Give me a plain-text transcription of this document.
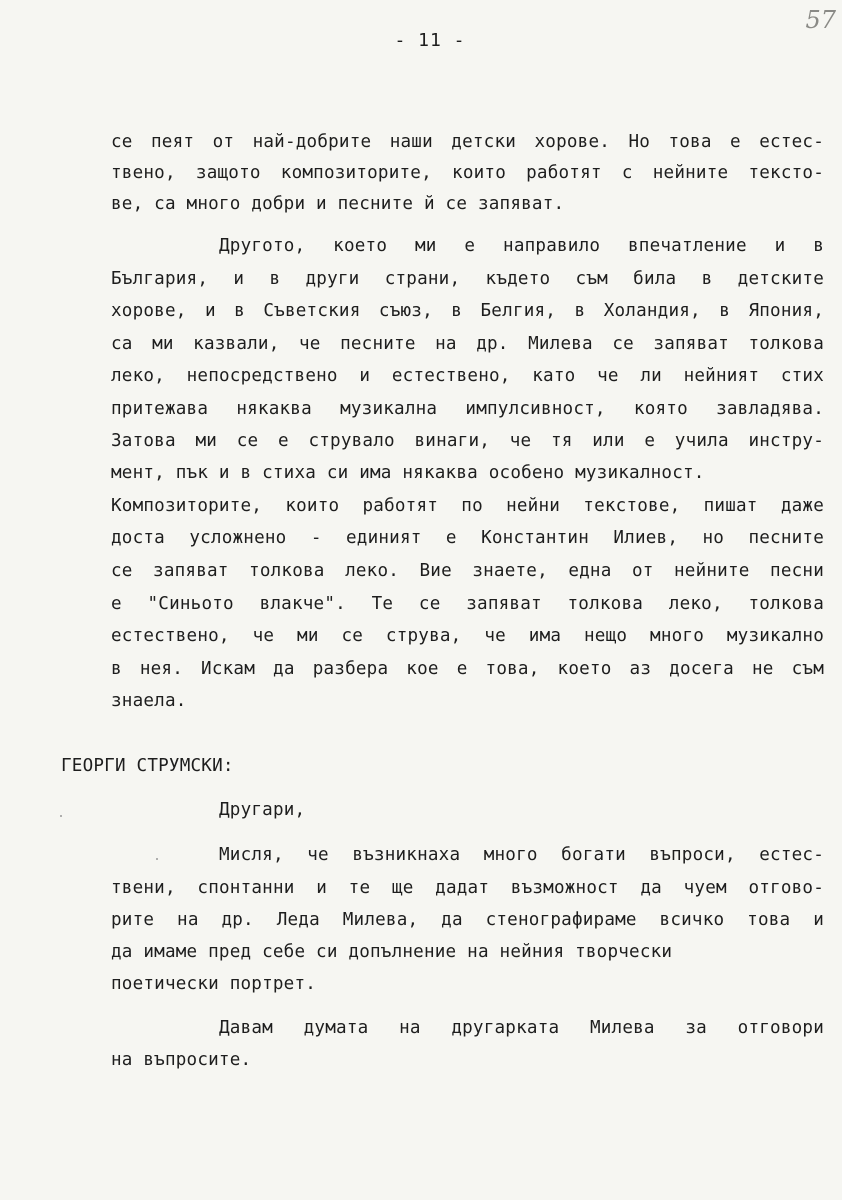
- 11 -
57
се пеят от най-добрите наши детски хорове. Но това е естес-
твено, защото композиторите, които работят с нейните тексто-
ве, са много добри и песните й се запяват.
Другото, което ми е направило впечатление и в
България, и в други страни, където съм била в детските
хорове, и в Съветския съюз, в Белгия, в Холандия, в Япония,
са ми казвали, че песните на др. Милева се запяват толкова
леко, непосредствено и естествено, като че ли нейният стих
притежава някаква музикална импулсивност, която завладява.
Затова ми се е струвало винаги, че тя или е учила инстру-
мент, пък и в стиха си има някаква особено музикалност.
Композиторите, които работят по нейни текстове, пишат даже
доста усложнено - единият е Константин Илиев, но песните
се запяват толкова леко. Вие знаете, една от нейните песни
е "Синьото влакче". Те се запяват толкова леко, толкова
естествено, че ми се струва, че има нещо много музикално
в нея. Искам да разбера кое е това, което аз досега не съм
знаела.
ГЕОРГИ СТРУМСКИ:
Другари,
Мисля, че възникнаха много богати въпроси, естес-
твени, спонтанни и те ще дадат възможност да чуем отгово-
рите на др. Леда Милева, да стенографираме всичко това и
да имаме пред себе си допълнение на нейния творчески
поетически портрет.
Давам думата на другарката Милева за отговори
на въпросите.
